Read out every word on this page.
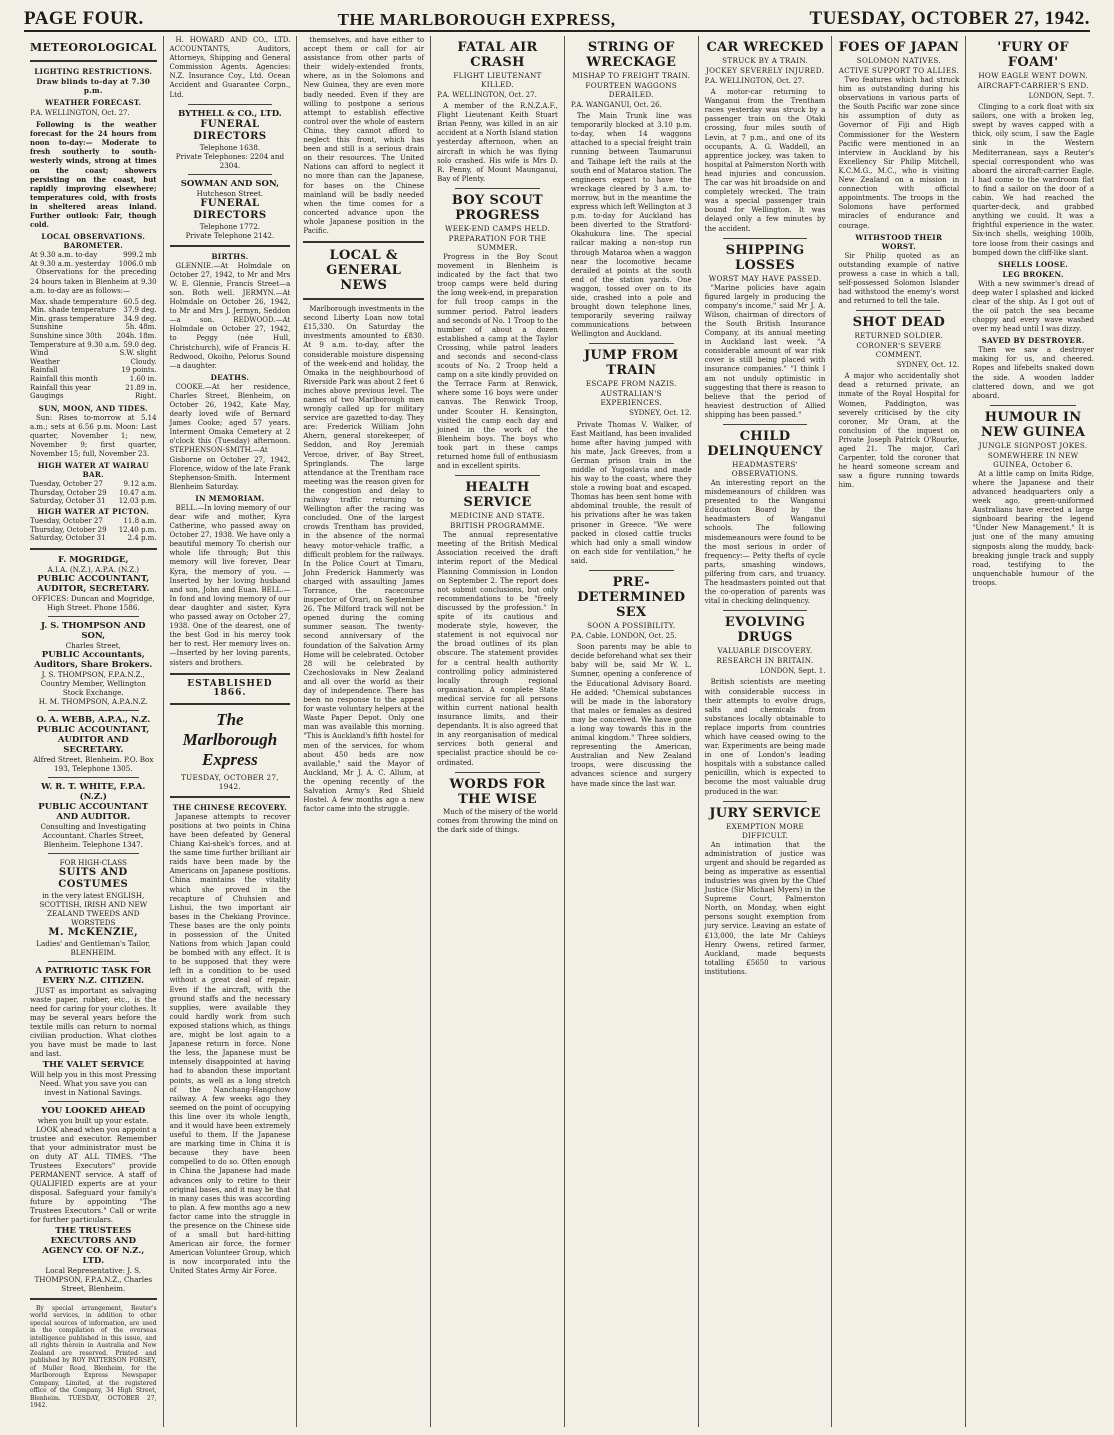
PAGE FOUR.	THE MARLBOROUGH EXPRESS,	TUESDAY, OCTOBER 27, 1942.
METEOROLOGICAL
LIGHTING RESTRICTIONS.
Draw blinds to-day at 7.30 p.m.
WEATHER FORECAST.
P.A. WELLINGTON, Oct. 27.

Following is the weather forecast for the 24 hours from noon to-day:— Moderate to fresh southerly to south-westerly winds, strong at times on the coast; showers persisting on the coast, but rapidly improving elsewhere; temperatures cold, with frosts in sheltered areas inland. Further outlook: Fair, though cold.

LOCAL OBSERVATIONS. BAROMETER.
At 9.30 a.m. to-day	999.2 mb
At 9.30 a.m. yesterday 1006.0 mb

Observations for the preceding 24 hours taken in Blenheim at 9.30 a.m. to-day are as follows:—

Max. shade temperature 60.5 deg.
Min. shade temperature 37.9 deg.
Min. grass temperature 34.9 deg.
Sunshine	5h. 48m.
Sunshine since 30th 204h. 18m.
Temperature at 9.30 a.m. 59.0 deg.
Wind	S.W. slight
Weather	Cloudy.
Rainfall	19 points.
Rainfall this month	1.60 in.
Rainfall this year	21.89 in.
Gaugings	Right.
SUN, MOON, AND TIDES.

Sun: Rises to-morrow at 5.14 a.m.; sets at 6.56 p.m. Moon: Last quarter, November 1; new, November 9; first quarter, November 15; full, November 23.

HIGH WATER AT WAIRAU BAR.
Tuesday, October 27	9.12 a.m.
Thursday, October 29 10.47 a.m.
Saturday, October 31 12.03 p.m.
HIGH WATER AT PICTON.
Tuesday, October 27	11.8 a.m.
Thursday, October 29 12.40 p.m.
Saturday, October 31	2.4 p.m.
F. MOGRIDGE,
A.I.A. (N.Z.), A.P.A. (N.Z.)
PUBLIC ACCOUNTANT, AUDITOR, SECRETARY.
OFFICES: Duncan and Mogridge, High Street. Phone 1586.
J. S. THOMPSON AND SON,
Charles Street,
PUBLIC Accountants, Auditors, Share Brokers.
J. S. THOMPSON, F.P.A.N.Z.,
Country Member, Wellington Stock Exchange.
H. M. THOMPSON, A.P.A.N.Z.
O. A. WEBB, A.P.A., N.Z.
PUBLIC ACCOUNTANT, AUDITOR AND SECRETARY.
Alfred Street, Blenheim. P.O. Box 193, Telephone 1305.
W. R. T. WHITE, F.P.A. (N.Z.)
PUBLIC ACCOUNTANT AND AUDITOR.
Consulting and Investigating Accountant. Charles Street, Blenheim. Telephone 1347.
FOR HIGH-CLASS
SUITS AND COSTUMES
in the very latest ENGLISH, SCOTTISH, IRISH AND NEW ZEALAND TWEEDS AND WORSTEDS
M. McKENZIE,
Ladies' and Gentleman's Tailor, BLENHEIM.
A PATRIOTIC TASK FOR EVERY N.Z. CITIZEN.

JUST as important as salvaging waste paper, rubber, etc., is the need for caring for your clothes. It may be several years before the textile mills can return to normal civilian production. What clothes you have must be made to last and last.

THE VALET SERVICE
Will help you in this most Pressing Need. What you save you can invest in National Savings.
YOU LOOKED AHEAD
when you built up your estate.

LOOK ahead when you appoint a trustee and executor. Remember that your administrator must be on duty AT ALL TIMES. "The Trustees Executors" provide PERMANENT service. A staff of QUALIFIED experts are at your disposal. Safeguard your family's future by appointing "The Trustees Executors." Call or write for further particulars.

THE TRUSTEES EXECUTORS AND AGENCY CO. OF N.Z., LTD.
Local Representative: J. S. THOMPSON, F.P.A.N.Z., Charles Street, Blenheim.

By special arrangement, Reuter's world services, in addition to other special sources of information, are used in the compilation of the overseas intelligence published in this issue, and all rights therein in Australia and New Zealand are reserved. Printed and published by ROY PATTERSON FORSEY, of Muller Road, Blenheim, for the Marlborough Express Newspaper Company, Limited, at the registered office of the Company, 34 High Street, Blenheim. TUESDAY, OCTOBER 27, 1942.

H. HOWARD AND CO., LTD. ACCOUNTANTS, Auditors, Attorneys, Shipping and General Commission Agents. Agencies: N.Z. Insurance Coy., Ltd. Ocean Accident and Guarantee Corpn., Ltd.

BYTHELL & CO., LTD.
FUNERAL DIRECTORS
Telephone 1638.
Private Telephones: 2204 and 2304.
SOWMAN AND SON,
Hutcheson Street.
FUNERAL DIRECTORS
Telephone 1772.
Private Telephone 2142.
BIRTHS.

GLENNIE.—At Holmdale on October 27, 1942, to Mr and Mrs W. E. Glennie, Francis Street—a son. Both well. JERMYN.—At Holmdale on October 26, 1942, to Mr and Mrs J. Jermyn, Seddon—a son. REDWOOD.—At Holmdale on October 27, 1942, to Peggy (née Hull, Christchurch), wife of Francis H. Redwood, Okoiho, Pelorus Sound—a daughter.

DEATHS.

COOKE.—At her residence, Charles Street, Blenheim, on October 26, 1942, Kate May, dearly loved wife of Bernard James Cooke; aged 57 years. Interment Omaka Cemetery at 2 o'clock this (Tuesday) afternoon. STEPHENSON-SMITH.—At Gisborne on October 27, 1942, Florence, widow of the late Frank Stephenson-Smith. Interment Blenheim Saturday.

IN MEMORIAM.

BELL.—In loving memory of our dear wife and mother, Kyra Catherine, who passed away on October 27, 1938. We have only a beautiful memory To cherish our whole life through; But this memory will live forever, Dear Kyra, the memory of you. —Inserted by her loving husband and son, John and Euan. BELL.—In fond and loving memory of our dear daughter and sister, Kyra who passed away on October 27, 1938. One of the dearest, one of the best God in his mercy took her to rest. Her memory lives on. —Inserted by her loving parents, sisters and brothers.

ESTABLISHED 1866.
The Marlborough Express
TUESDAY, OCTOBER 27, 1942.
THE CHINESE RECOVERY.

Japanese attempts to recover positions at two points in China have been defeated by General Chiang Kai-shek's forces, and at the same time further brilliant air raids have been made by the Americans on Japanese positions. China maintains the vitality which she proved in the recapture of Chuhsien and Lishui, the two important air bases in the Chekiang Province. These bases are the only points in possession of the United Nations from which Japan could be bombed with any effect. It is to be supposed that they were left in a condition to be used without a great deal of repair. Even if the aircraft, with the ground staffs and the necessary supplies, were available they could hardly work from such exposed stations which, as things are, might be lost again to a Japanese return in force. None the less, the Japanese must be intensely disappointed at having had to abandon these important points, as well as a long stretch of the Nanchang-Hangchow railway. A few weeks ago they seemed on the point of occupying this line over its whole length, and it would have been extremely useful to them. If the Japanese are marking time in China it is because they have been compelled to do so. Often enough in China the Japanese had made advances only to retire to their original bases, and it may be that in many cases this was according to plan. A few months ago a new factor came into the struggle in the presence on the Chinese side of a small but hard-hitting American air force, the former American Volunteer Group, which is now incorporated into the United States Army Air Force.

themselves, and have either to accept them or call for air assistance from other parts of their widely-extended fronts, where, as in the Solomons and New Guinea, they are even more badly needed. Even if they are willing to postpone a serious attempt to establish effective control over the whole of eastern China, they cannot afford to neglect this front, which has been and still is a serious drain on their resources. The United Nations can afford to neglect it no more than can the Japanese, for bases on the Chinese mainland will be badly needed when the time comes for a concerted advance upon the whole Japanese position in the Pacific.

LOCAL & GENERAL NEWS

Marlborough investments in the second Liberty Loan now total £15,330. On Saturday the investments amounted to £830. At 9 a.m. to-day, after the considerable moisture dispensing of the week-end and holiday, the Omaka in the neighbourhood of Riverside Park was about 2 feet 6 inches above previous level. The names of two Marlborough men wrongly called up for military service are gazetted to-day. They are: Frederick William John Ahern, general storekeeper, of Seddon, and Roy Jeremiah Vercoe, driver, of Bay Street, Springlands. The large attendance at the Trentham race meeting was the reason given for the congestion and delay to railway traffic returning to Wellington after the racing was concluded. One of the largest crowds Trentham has provided, in the absence of the normal heavy motor-vehicle traffic, a difficult problem for the railways. In the Police Court at Timaru, John Frederick Hammerly was charged with assaulting James Torrance, the racecourse inspector of Orari, on September 26. The Milford track will not be opened during the coming summer season. The twenty-second anniversary of the foundation of the Salvation Army Home will be celebrated. October 28 will be celebrated by Czechoslovaks in New Zealand and all over the world as their day of independence. There has been no response to the appeal for waste voluntary helpers at the Waste Paper Depot. Only one man was available this morning. "This is Auckland's fifth hostel for men of the services, for whom about 450 beds are now available," said the Mayor of Auckland, Mr J. A. C. Allum, at the opening recently of the Salvation Army's Red Shield Hostel. A few months ago a new factor came into the struggle.

FATAL AIR CRASH
FLIGHT LIEUTENANT KILLED.
P.A. WELLINGTON, Oct. 27.

A member of the R.N.Z.A.F., Flight Lieutenant Keith Stuart Brian Penny, was killed in an air accident at a North Island station yesterday afternoon, when an aircraft in which he was flying solo crashed. His wife is Mrs D. R. Penny, of Mount Maunganui, Bay of Plenty.

BOY SCOUT PROGRESS
WEEK-END CAMPS HELD.
PREPARATION FOR THE SUMMER.

Progress in the Boy Scout movement in Blenheim is indicated by the fact that two troop camps were held during the long week-end, in preparation for full troop camps in the summer period. Patrol leaders and seconds of No. 1 Troop to the number of about a dozen established a camp at the Taylor Crossing, while patrol leaders and seconds and second-class scouts of No. 2 Troop held a camp on a site kindly provided on the Terrace Farm at Renwick, where some 16 boys were under canvas. The Renwick Troop, under Scouter H. Kensington, visited the camp each day and joined in the work of the Blenheim boys. The boys who took part in these camps returned home full of enthusiasm and in excellent spirits.

HEALTH SERVICE
MEDICINE AND STATE.
BRITISH PROGRAMME.

The annual representative meeting of the British Medical Association received the draft interim report of the Medical Planning Commission in London on September 2. The report does not submit conclusions, but only recommendations to be "freely discussed by the profession." In spite of its cautious and moderate style, however, the statement is not equivocal nor the broad outlines of its plan obscure. The statement provides for a central health authority controlling policy administered locally through regional organisation. A complete State medical service for all persons within current national health insurance limits, and their dependants. It is also agreed that in any reorganisation of medical services both general and specialist practice should be co-ordinated.

WORDS FOR THE WISE

Much of the misery of the world comes from throwing the mind on the dark side of things.

STRING OF WRECKAGE
MISHAP TO FREIGHT TRAIN.
FOURTEEN WAGGONS DERAILED.
P.A. WANGANUI, Oct. 26.

The Main Trunk line was temporarily blocked at 3.10 p.m. to-day, when 14 waggons attached to a special freight train running between Taumarunui and Taihape left the rails at the south end of Mataroa station. The engineers expect to have the wreckage cleared by 3 a.m. to-morrow, but in the meantime the express which left Wellington at 3 p.m. to-day for Auckland has been diverted to the Stratford-Okahukura line. The special railcar making a non-stop run through Mataroa when a waggon near the locomotive became derailed at points at the south end of the station yards. One waggon, tossed over on to its side, crashed into a pole and brought down telephone lines, temporarily severing railway communications between Wellington and Auckland.

JUMP FROM TRAIN
ESCAPE FROM NAZIS.
AUSTRALIAN'S EXPERIENCES.
SYDNEY, Oct. 12.

Private Thomas V. Walker, of East Maitland, has been invalided home after having jumped with his mate, Jack Greeves, from a German prison train in the middle of Yugoslavia and made his way to the coast, where they stole a rowing boat and escaped. Thomas has been sent home with abdominal trouble, the result of his privations after he was taken prisoner in Greece. "We were packed in closed cattle trucks which had only a small window on each side for ventilation," he said.

PRE-DETERMINED SEX
SOON A POSSIBILITY.
P.A. Cable. LONDON, Oct. 25.

Soon parents may be able to decide beforehand what sex their baby will be, said Mr W. L. Sumner, opening a conference of the Educational Advisory Board. He added: "Chemical substances will be made in the laboratory that males or females as desired may be conceived. We have gone a long way towards this in the animal kingdom." Three soldiers, representing the American, Australian and New Zealand troops, were discussing the advances science and surgery have made since the last war.

CAR WRECKED
STRUCK BY A TRAIN.
JOCKEY SEVERELY INJURED.
P.A. WELLINGTON, Oct. 27.

A motor-car returning to Wanganui from the Trentham races yesterday was struck by a passenger train on the Otaki crossing, four miles south of Levin, at 7 p.m., and one of its occupants, A. G. Waddell, an apprentice jockey, was taken to hospital at Palmerston North with head injuries and concussion. The car was hit broadside on and completely wrecked. The train was a special passenger train bound for Wellington. It was delayed only a few minutes by the accident.

SHIPPING LOSSES
WORST MAY HAVE PASSED.

"Marine policies have again figured largely in producing the company's income," said Mr J. A. Wilson, chairman of directors of the South British Insurance Company, at its annual meeting in Auckland last week. "A considerable amount of war risk cover is still being placed with insurance companies." "I think I am not unduly optimistic in suggesting that there is reason to believe that the period of heaviest destruction of Allied shipping has been passed."

CHILD DELINQUENCY
HEADMASTERS' OBSERVATIONS.

An interesting report on the misdemeanours of children was presented to the Wanganui Education Board by the headmasters of Wanganui schools. The following misdemeanours were found to be the most serious in order of frequency:— Petty thefts of cycle parts, smashing windows, pilfering from cars, and truancy. The headmasters pointed out that the co-operation of parents was vital in checking delinquency.

EVOLVING DRUGS
VALUABLE DISCOVERY.
RESEARCH IN BRITAIN.
LONDON, Sept. 1.

British scientists are meeting with considerable success in their attempts to evolve drugs, salts and chemicals from substances locally obtainable to replace imports from countries which have ceased owing to the war. Experiments are being made in one of London's leading hospitals with a substance called penicillin, which is expected to become the most valuable drug produced in the war.

JURY SERVICE
EXEMPTION MORE DIFFICULT.

An intimation that the administration of justice was urgent and should be regarded as being as imperative as essential industries was given by the Chief Justice (Sir Michael Myers) in the Supreme Court, Palmerston North, on Monday, when eight persons sought exemption from jury service. Leaving an estate of £13,000, the late Mr Cahleys Henry Owens, retired farmer, Auckland, made bequests totalling £5650 to various institutions.

FOES OF JAPAN
SOLOMON NATIVES.
ACTIVE SUPPORT TO ALLIES.

Two features which had struck him as outstanding during his observations in various parts of the South Pacific war zone since his assumption of duty as Governor of Fiji and High Commissioner for the Western Pacific were mentioned in an interview in Auckland by his Excellency Sir Philip Mitchell, K.C.M.G., M.C., who is visiting New Zealand on a mission in connection with official appointments. The troops in the Solomons have performed miracles of endurance and courage.

WITHSTOOD THEIR WORST.

Sir Philip quoted as an outstanding example of native prowess a case in which a tall, self-possessed Solomon Islander had withstood the enemy's worst and returned to tell the tale.

SHOT DEAD
RETURNED SOLDIER.
CORONER'S SEVERE COMMENT.
SYDNEY, Oct. 12.

A major who accidentally shot dead a returned private, an inmate of the Royal Hospital for Women, Paddington, was severely criticised by the city coroner, Mr Oram, at the conclusion of the inquest on Private Joseph Patrick O'Rourke, aged 21. The major, Carl Carpenter, told the coroner that he heard someone scream and saw a figure running towards him.

'FURY OF FOAM'
HOW EAGLE WENT DOWN.
AIRCRAFT-CARRIER'S END.
LONDON, Sept. 7.

Clinging to a cork float with six sailors, one with a broken leg, swept by waves capped with a thick, oily scum, I saw the Eagle sink in the Western Mediterranean, says a Reuter's special correspondent who was aboard the aircraft-carrier Eagle. I had come to the wardroom flat to find a sailor on the door of a cabin. We had reached the quarter-deck, and grabbed anything we could. It was a frightful experience in the water. Six-inch shells, weighing 100lb, tore loose from their casings and bumped down the cliff-like slant.

SHELLS LOOSE.
LEG BROKEN.

With a new swimmer's dread of deep water I splashed and kicked clear of the ship. As I got out of the oil patch the sea became choppy and every wave washed over my head until I was dizzy.

SAVED BY DESTROYER.

Then we saw a destroyer making for us, and cheered. Ropes and lifebelts snaked down the side. A wooden ladder clattered down, and we got aboard.

HUMOUR IN NEW GUINEA
JUNGLE SIGNPOST JOKES.
SOMEWHERE IN NEW GUINEA, October 6.

At a little camp on Imita Ridge, where the Japanese and their advanced headquarters only a week ago, green-uniformed Australians have erected a large signboard bearing the legend "Under New Management." It is just one of the many amusing signposts along the muddy, back-breaking jungle track and supply road, testifying to the unquenchable humour of the troops.
